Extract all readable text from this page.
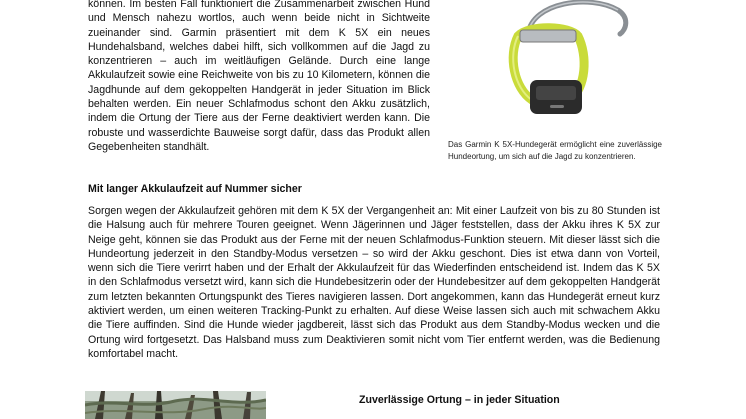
können. Im besten Fall funktioniert die Zusammenarbeit zwischen Hund und Mensch nahezu wortlos, auch wenn beide nicht in Sichtweite zueinander sind. Garmin präsentiert mit dem K 5X ein neues Hundehalsband, welches dabei hilft, sich vollkommen auf die Jagd zu konzentrieren – auch im weitläufigen Gelände. Durch eine lange Akkulaufzeit sowie eine Reichweite von bis zu 10 Kilometern, können die Jagdhunde auf dem gekoppelten Handgerät in jeder Situation im Blick behalten werden. Ein neuer Schlafmodus schont den Akku zusätzlich, indem die Ortung der Tiere aus der Ferne deaktiviert werden kann. Die robuste und wasserdichte Bauweise sorgt dafür, dass das Produkt allen Gegebenheiten standhält.	Das Garmin K 5X-Hundegerät ermöglicht eine zuverlässige Hundeortung, um sich auf die Jagd zu konzentrieren.

Mit langer Akkulaufzeit auf Nummer sicher

Sorgen wegen der Akkulaufzeit gehören mit dem K 5X der Vergangenheit an: Mit einer Laufzeit von bis zu 80 Stunden ist die Halsung auch für mehrere Touren geeignet. Wenn Jägerinnen und Jäger feststellen, dass der Akku ihres K 5X zur Neige geht, können sie das Produkt aus der Ferne mit der neuen Schlafmodus-Funktion steuern. Mit dieser lässt sich die Hundeortung jederzeit in den Standby-Modus versetzen – so wird der Akku geschont. Dies ist etwa dann von Vorteil, wenn sich die Tiere verirrt haben und der Erhalt der Akkulaufzeit für das Wiederfinden entscheidend ist. Indem das K 5X in den Schlafmodus versetzt wird, kann sich die Hundebesitzerin oder der Hundebesitzer auf dem gekoppelten Handgerät zum letzten bekannten Ortungspunkt des Tieres navigieren lassen. Dort angekommen, kann das Hundegerät erneut kurz aktiviert werden, um einen weiteren Tracking-Punkt zu erhalten. Auf diese Weise lassen sich auch mit schwachem Akku die Tiere auffinden. Sind die Hunde wieder jagdbereit, lässt sich das Produkt aus dem Standby-Modus wecken und die Ortung wird fortgesetzt. Das Halsband muss zum Deaktivieren somit nicht vom Tier entfernt werden, was die Bedienung komfortabel macht.

Zuverlässige Ortung – in jeder Situation
